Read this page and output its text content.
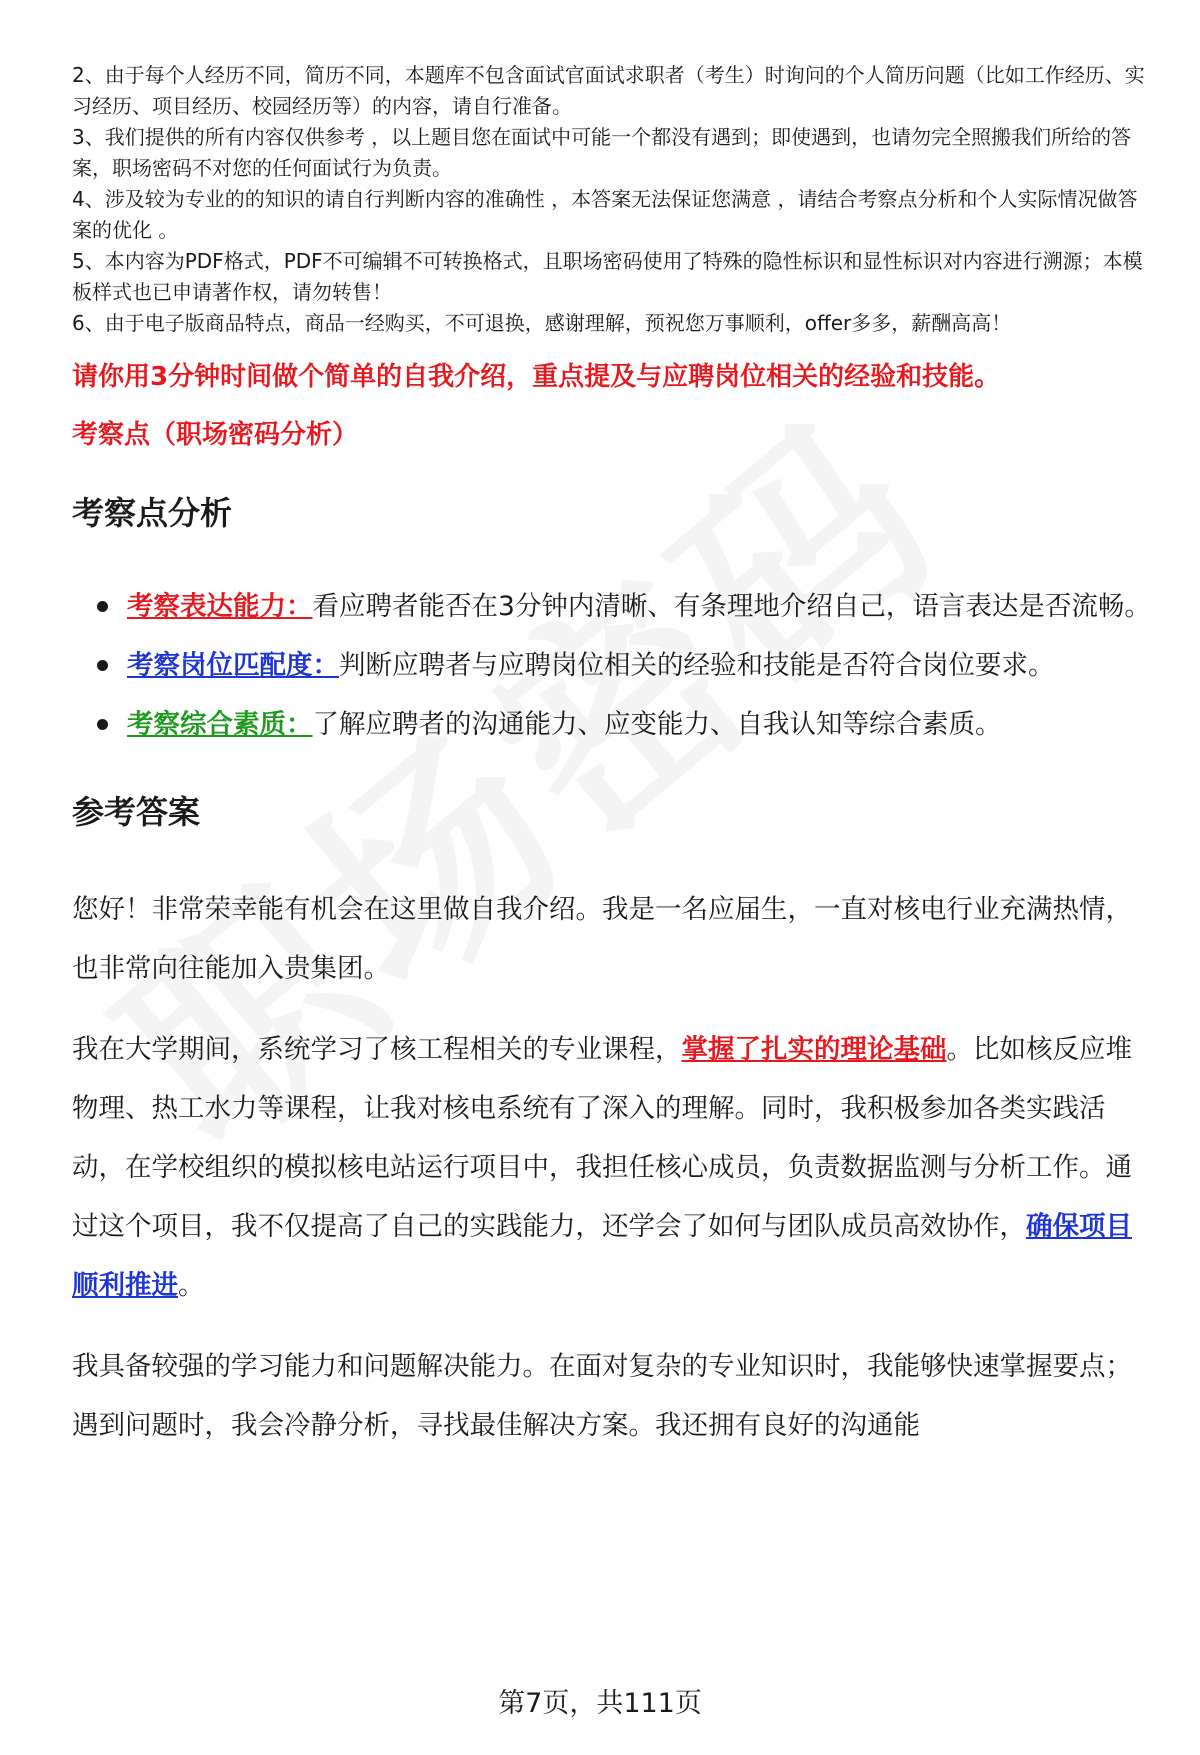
2、由于每个人经历不同，简历不同，本题库不包含面试官面试求职者（考生）时询问的个人简历问题（比如工作经历、实习经历、项目经历、校园经历等）的内容，请自行准备。

3、我们提供的所有内容仅供参考 ，以上题目您在面试中可能一个都没有遇到；即使遇到，也请勿完全照搬我们所给的答案，职场密码不对您的任何面试行为负责。

4、涉及较为专业的的知识的请自行判断内容的准确性 ，本答案无法保证您满意 ，请结合考察点分析和个人实际情况做答案的优化 。

5、本内容为PDF格式，PDF不可编辑不可转换格式，且职场密码使用了特殊的隐性标识和显性标识对内容进行溯源；本模板样式也已申请著作权，请勿转售！

6、由于电子版商品特点，商品一经购买，不可退换，感谢理解，预祝您万事顺利，offer多多，薪酬高高！

请你用3分钟时间做个简单的自我介绍，重点提及与应聘岗位相关的经验和技能。
考察点（职场密码分析）
考察点分析
考察表达能力：看应聘者能否在3分钟内清晰、有条理地介绍自己，语言表达是否流畅。
考察岗位匹配度：判断应聘者与应聘岗位相关的经验和技能是否符合岗位要求。
考察综合素质：了解应聘者的沟通能力、应变能力、自我认知等综合素质。
参考答案

您好！非常荣幸能有机会在这里做自我介绍。我是一名应届生，一直对核电行业充满热情，也非常向往能加入贵集团。

我在大学期间，系统学习了核工程相关的专业课程，掌握了扎实的理论基础。比如核反应堆物理、热工水力等课程，让我对核电系统有了深入的理解。同时，我积极参加各类实践活动，在学校组织的模拟核电站运行项目中，我担任核心成员，负责数据监测与分析工作。通过这个项目，我不仅提高了自己的实践能力，还学会了如何与团队成员高效协作，确保项目顺利推进。

我具备较强的学习能力和问题解决能力。在面对复杂的专业知识时，我能够快速掌握要点；遇到问题时，我会冷静分析，寻找最佳解决方案。我还拥有良好的沟通能

第7页，共111页
